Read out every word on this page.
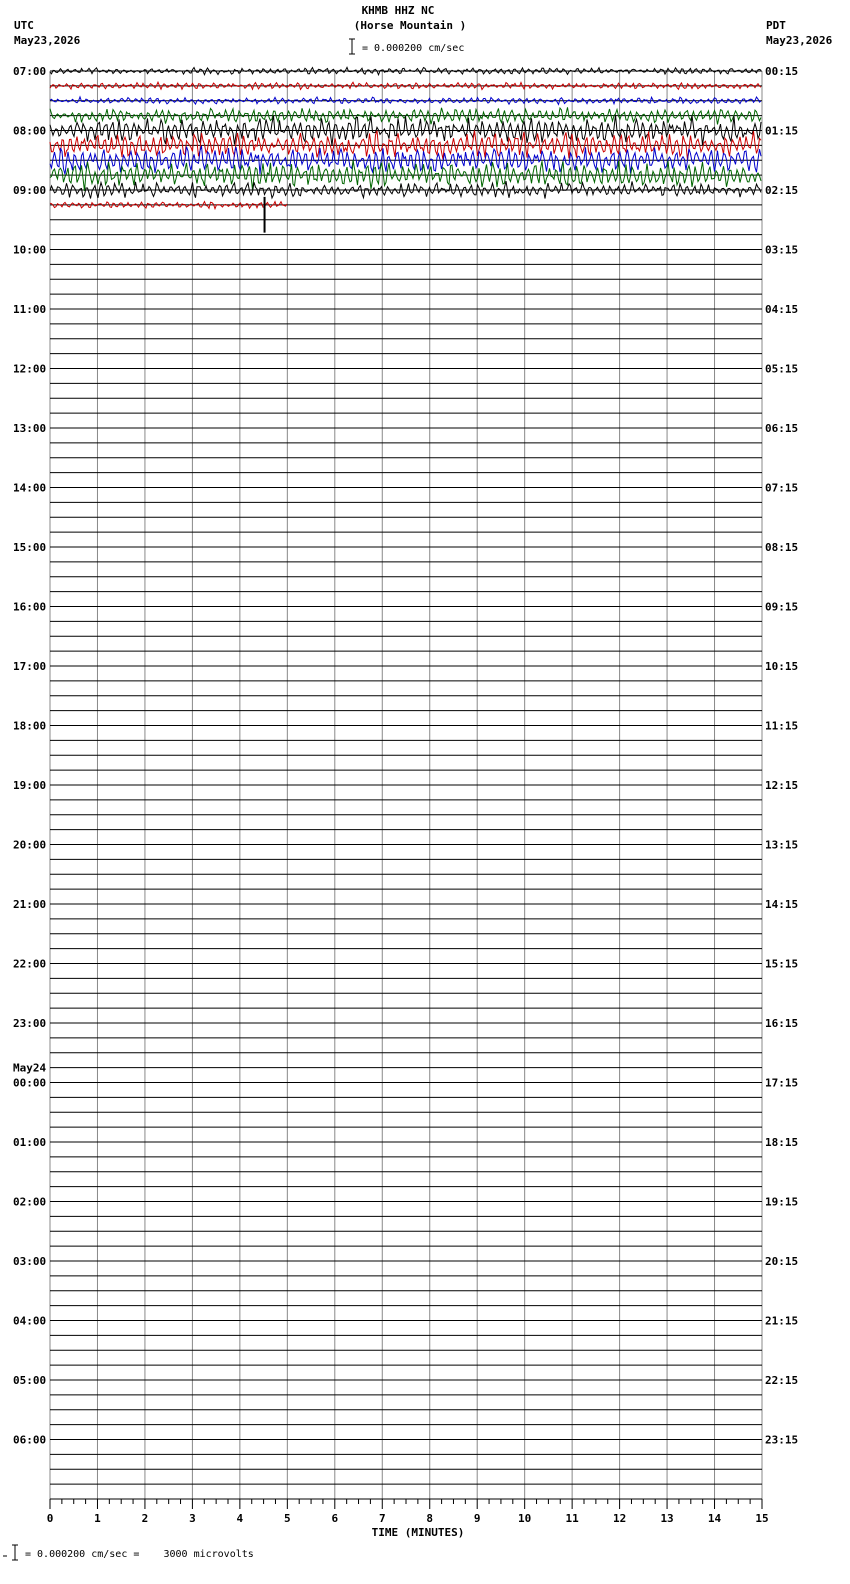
KHMB HHZ NC
(Horse Mountain )
= 0.000200 cm/sec
UTC
May23,2026
PDT
May23,2026
= 0.000200 cm/sec =    3000 microvolts
0	1	2	3	4	5	6	7	8	9	10	11	12	13	14	15
TIME (MINUTES)
07:00
08:00
09:00
10:00
11:00
12:00
13:00
14:00
15:00
16:00
17:00
18:00
19:00
20:00
21:00
22:00
23:00
00:00
May24
01:00
02:00
03:00
04:00
05:00
06:00
00:15
01:15
02:15
03:15
04:15
05:15
06:15
07:15
08:15
09:15
10:15
11:15
12:15
13:15
14:15
15:15
16:15
17:15
18:15
19:15
20:15
21:15
22:15
23:15
